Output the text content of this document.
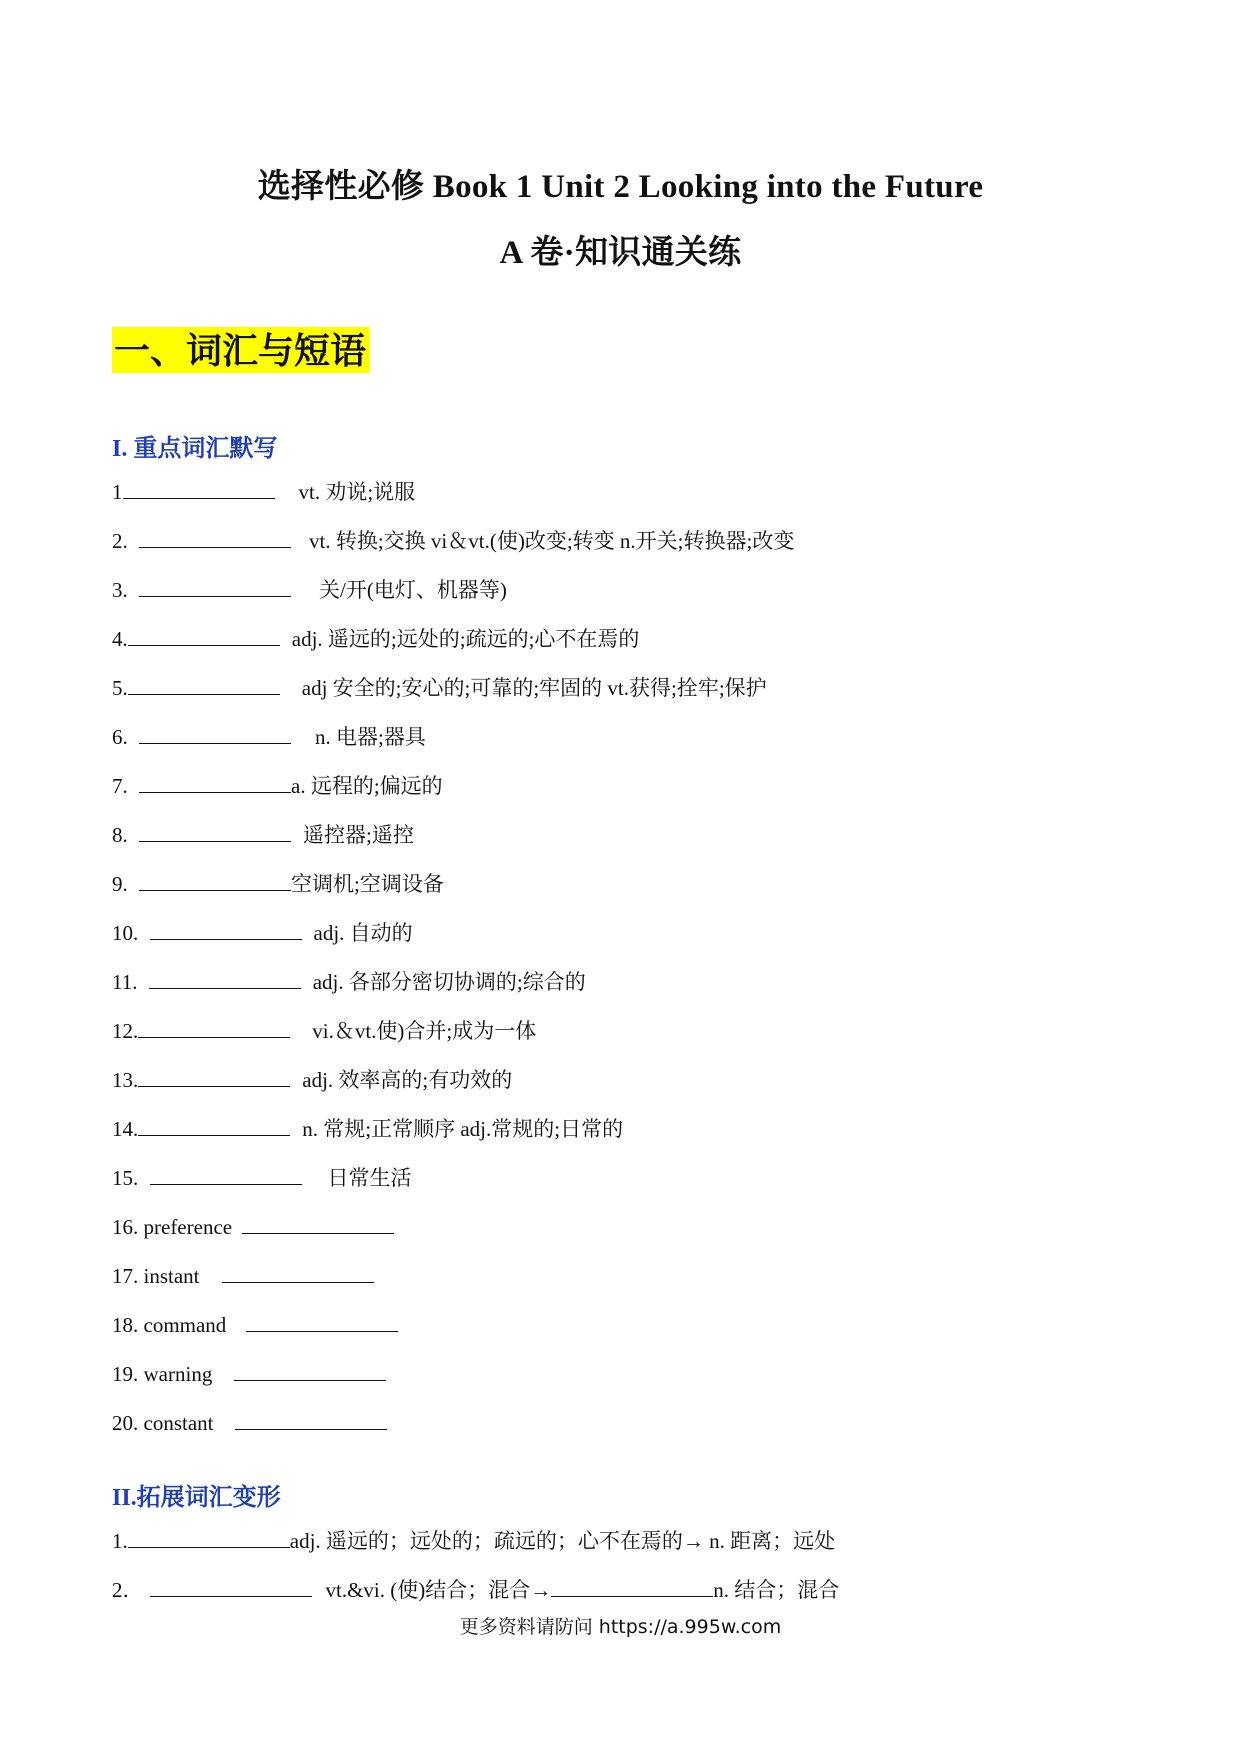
选择性必修 Book 1 Unit 2 Looking into the Future
A 卷·知识通关练
一、词汇与短语
I. 重点词汇默写
1	vt. 劝说;说服
2.	vt. 转换;交换 vi＆vt.(使)改变;转变 n.开关;转换器;改变
3.	关/开(电灯、机器等)
4.	adj. 遥远的;远处的;疏远的;心不在焉的
5.	adj 安全的;安心的;可靠的;牢固的 vt.获得;拴牢;保护
6.	n. 电器;器具
7.	a. 远程的;偏远的
8.	遥控器;遥控
9.	空调机;空调设备
10.	adj. 自动的
11.	adj. 各部分密切协调的;综合的
12.	vi.＆vt.使)合并;成为一体
13.	adj. 效率高的;有功效的
14.	n. 常规;正常顺序 adj.常规的;日常的
15.	日常生活
16. preference
17. instant
18. command
19. warning
20. constant
II.拓展词汇变形
1.	adj. 遥远的；远处的；疏远的；心不在焉的→ n. 距离；远处
2．	vt.&vi. (使)结合；混合→	n. 结合；混合
更多资料请防问 https://a.995w.com
